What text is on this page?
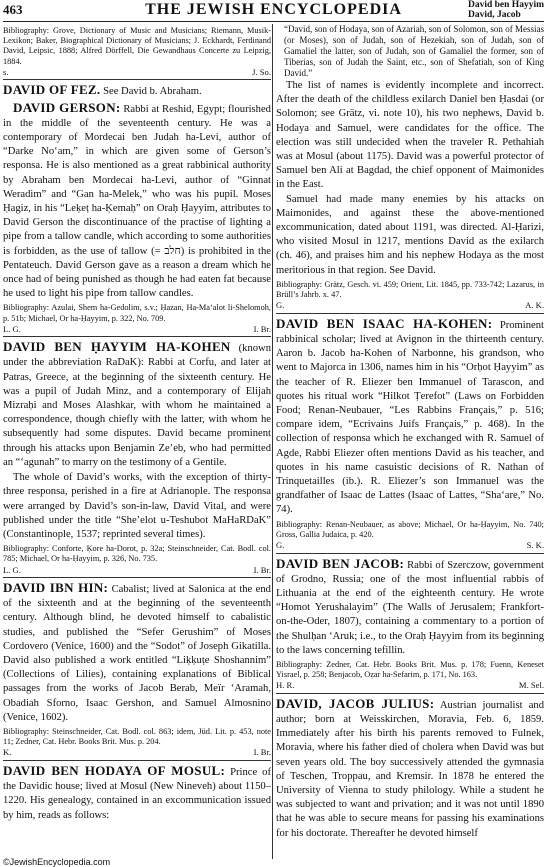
463	THE JEWISH ENCYCLOPEDIA	David ben Hayyim
David, Jacob
Bibliography: Grove, Dictionary of Music and Musicians; Riemann, Musik-Lexikon; Baker, Biographical Dictionary of Musicians; J. Eckhardt, Ferdinand David, Leipsic, 1888; Alfred Dörffell, Die Gewandhaus Concerte zu Leipzig, 1884.
s.	J. So.

DAVID OF FEZ. See David b. Abraham.

DAVID GERSON: Rabbi at Reshid, Egypt; flourished in the middle of the seventeenth century. He was a contemporary of Mordecai ben Judah ha-Levi, author of “Darke No‘am,” in which are given some of Gerson’s responsa. He is also mentioned as a great rabbinical authority by Abraham ben Mordecai ha-Levi, author of “Ginnat Weradim” and “Gan ha-Melek,” who was his pupil. Moses Ḥagiz, in his “Leḳeṭ ha-Ḳemaḥ” on Oraḥ Ḥayyim, attributes to David Gerson the discontinuance of the practise of lighting a pipe from a tallow candle, which according to some authorities is forbidden, as the use of tallow (= חלב) is prohibited in the Pentateuch. David Gerson gave as a reason a dream which he once had of being punished as though he had eaten fat because he used to light his pipe from tallow candles.

Bibliography: Azulai, Shem ha-Gedolim, s.v.; Ḥazan, Ha-Ma‘alot li-Shelomoh, p. 51b; Michael, Or ha-Ḥayyim, p. 322, No. 709.
L. G.	I. Br.

DAVID BEN ḤAYYIM HA-KOHEN (known under the abbreviation RaDaK): Rabbi at Corfu, and later at Patras, Greece, at the beginning of the sixteenth century. He was a pupil of Judah Minz, and a contemporary of Elijah Mizraḥi and Moses Alashkar, with whom he maintained a correspondence, though chiefly with the latter, with whom he subsequently had some disputes. David became prominent through his attacks upon Benjamin Ze’eb, who had permitted an “‘agunah” to marry on the testimony of a Gentile.

The whole of David’s works, with the exception of thirty-three responsa, perished in a fire at Adrianople. The responsa were arranged by David’s son-in-law, David Vital, and were published under the title “She’elot u-Teshubot MaHaRDaK” (Constantinople, 1537; reprinted several times).

Bibliography: Conforte, Ḳore ha-Dorot, p. 32a; Steinschneider, Cat. Bodl. col. 785; Michael, Or ha-Ḥayyim, p. 326, No. 735.
L. G.	I. Br.

DAVID IBN HIN: Cabalist; lived at Salonica at the end of the sixteenth and at the beginning of the seventeenth century. Although blind, he devoted himself to cabalistic studies, and published the “Sefer Gerushim” of Moses Cordovero (Venice, 1600) and the “Sodot” of Joseph Gikatilla. David also published a work entitled “Liḳḳuṭe Shoshannim” (Collections of Lilies), containing explanations of Biblical passages from the works of Jacob Berab, Meïr ‘Aramah, Obadiah Sforno, Isaac Gershon, and Samuel Almosnino (Venice, 1602).

Bibliography: Steinschneider, Cat. Bodl. col. 863; idem, Jüd. Lit. p. 453, note 11; Zedner, Cat. Hebr. Books Brit. Mus. p. 204.
K.	I. Br.

DAVID BEN HODAYA OF MOSUL: Prince of the Davidic house; lived at Mosul (New Nineveh) about 1150–1220. His genealogy, contained in an excommunication issued by him, reads as follows:

“David, son of Hodaya, son of Azariah, son of Solomon, son of Messias (or Moses), son of Judah, son of Hezekiah, son of Judah, son of Gamaliel the latter, son of Judah, son of Gamaliel the former, son of Tiberias, son of Judah the Saint, etc., son of Shefatiah, son of King David.”

The list of names is evidently incomplete and incorrect. After the death of the childless exilarch Daniel ben Ḥasdai (or Solomon; see Grätz, vi. note 10), his two nephews, David b. Hodaya and Samuel, were candidates for the office. The election was still undecided when the traveler R. Pethahiah was at Mosul (about 1175). David was a powerful protector of Samuel ben Ali at Bagdad, the chief opponent of Maimonides in the East.

Samuel had made many enemies by his attacks on Maimonides, and against these the above-mentioned excommunication, dated about 1191, was directed. Al-Ḥarizi, who visited Mosul in 1217, mentions David as the exilarch (ch. 46), and praises him and his nephew Hodaya as the most meritorious in that region. See David.

Bibliography: Grätz, Gesch. vi. 459; Orient, Lit. 1845, pp. 733-742; Lazarus, in Brüll’s Jahrb. x. 47.
G.	A. K.

DAVID BEN ISAAC HA-KOHEN: Prominent rabbinical scholar; lived at Avignon in the thirteenth century. Aaron b. Jacob ha-Kohen of Narbonne, his grandson, who went to Majorca in 1306, names him in his “Orḥot Ḥayyim” as the teacher of R. Eliezer ben Immanuel of Tarascon, and quotes his ritual work “Hilkot Ṭerefot” (Laws on Forbidden Food; Renan-Neubauer, “Les Rabbins Français,” p. 516; compare idem, “Ecrivains Juifs Français,” p. 468). In the collection of responsa which he exchanged with R. Samuel of Agde, Rabbi Eliezer often mentions David as his teacher, and quotes in his name casuistic decisions of R. Nathan of Trinquetailles (ib.). R. Eliezer’s son Immanuel was the grandfather of Isaac de Lattes (Isaac of Lattes, “Sha‘are,” No. 74).

Bibliography: Renan-Neubauer, as above; Michael, Or ha-Ḥayyim, No. 740; Gross, Gallia Judaica, p. 420.
G.	S. K.

DAVID BEN JACOB: Rabbi of Szerczow, government of Grodno, Russia; one of the most influential rabbis of Lithuania at the end of the eighteenth century. He wrote “Homot Yerushalayim” (The Walls of Jerusalem; Frankfort-on-the-Oder, 1807), containing a commentary to a portion of the Shulḥan ‘Aruk; i.e., to the Oraḥ Ḥayyim from its beginning to the laws concerning tefillin.

Bibliography: Zedner, Cat. Hebr. Books Brit. Mus. p. 178; Fuenn, Keneset Yisrael, p. 258; Benjacob, Oẓar ha-Sefarim, p. 171, No. 163.
H. R.	M. Sel.

DAVID, JACOB JULIUS: Austrian journalist and author; born at Weisskirchen, Moravia, Feb. 6, 1859. Immediately after his birth his parents removed to Fulnek, Moravia, where his father died of cholera when David was but seven years old. The boy successively attended the gymnasia of Teschen, Troppau, and Kremsir. In 1878 he entered the University of Vienna to study philology. While a student he was subjected to want and privation; and it was not until 1890 that he was able to secure means for passing his examinations for his doctorate. Thereafter he devoted himself

©JewishEncyclopedia.com
